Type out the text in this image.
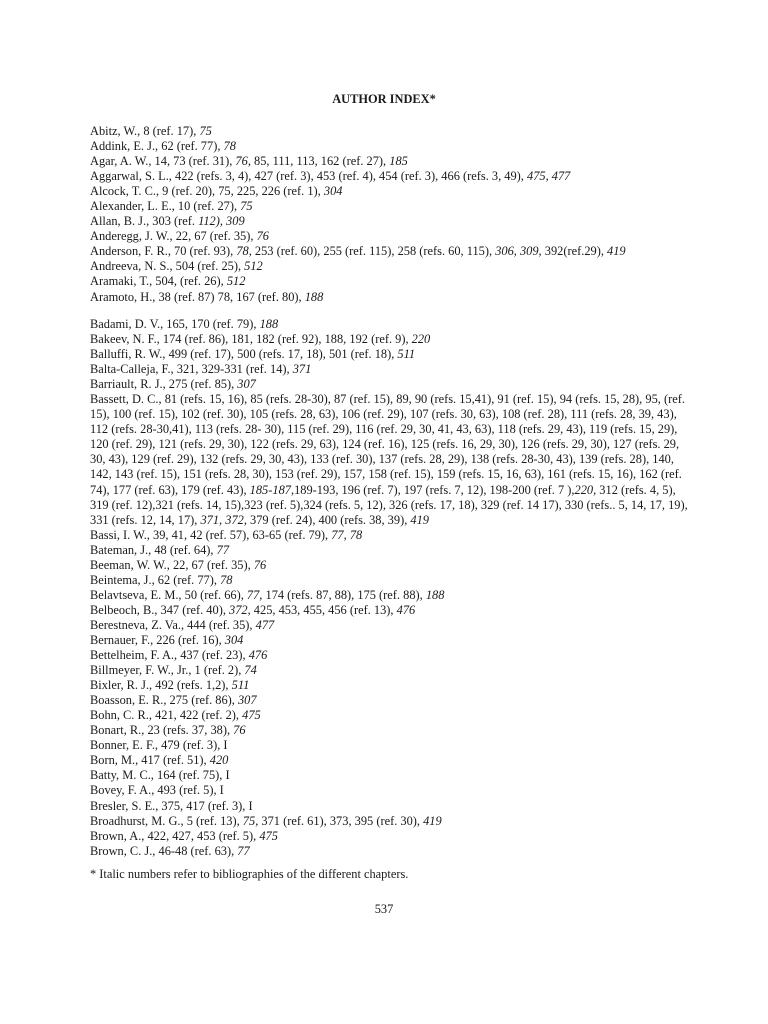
AUTHOR INDEX*
Abitz, W., 8 (ref. 17), 75
Addink, E. J., 62 (ref. 77), 78
Agar, A. W., 14, 73 (ref. 31), 76, 85, 111, 113, 162 (ref. 27), 185
Aggarwal, S. L., 422 (refs. 3, 4), 427 (ref. 3), 453 (ref. 4), 454 (ref. 3), 466 (refs. 3, 49), 475, 477
Alcock, T. C., 9 (ref. 20), 75, 225, 226 (ref. 1), 304
Alexander, L. E., 10 (ref. 27), 75
Allan, B. J., 303 (ref. 112), 309
Anderegg, J. W., 22, 67 (ref. 35), 76
Anderson, F. R., 70 (ref. 93), 78, 253 (ref. 60), 255 (ref. 115), 258 (refs. 60, 115), 306, 309, 392(ref.29), 419
Andreeva, N. S., 504 (ref. 25), 512
Aramaki, T., 504, (ref. 26), 512
Aramoto, H., 38 (ref. 87) 78, 167 (ref. 80), 188
Badami, D. V., 165, 170 (ref. 79), 188
Bakeev, N. F., 174 (ref. 86), 181, 182 (ref. 92), 188, 192 (ref. 9), 220
Balluffi, R. W., 499 (ref. 17), 500 (refs. 17, 18), 501 (ref. 18), 511
Balta-Calleja, F., 321, 329-331 (ref. 14), 371
Barriault, R. J., 275 (ref. 85), 307
Bassett, D. C., 81 (refs. 15, 16), 85 (refs. 28-30), 87 (ref. 15), 89, 90 (refs. 15,41), 91 (ref. 15), 94 (refs. 15, 28), 95, (ref. 15), 100 (ref. 15), 102 (ref. 30), 105 (refs. 28, 63), 106 (ref. 29), 107 (refs. 30, 63), 108 (ref. 28), 111 (refs. 28, 39, 43), 112 (refs. 28-30,41), 113 (refs. 28- 30), 115 (ref. 29), 116 (ref. 29, 30, 41, 43, 63), 118 (refs. 29, 43), 119 (refs. 15, 29), 120 (ref. 29), 121 (refs. 29, 30), 122 (refs. 29, 63), 124 (ref. 16), 125 (refs. 16, 29, 30), 126 (refs. 29, 30), 127 (refs. 29, 30, 43), 129 (ref. 29), 132 (refs. 29, 30, 43), 133 (ref. 30), 137 (refs. 28, 29), 138 (refs. 28-30, 43), 139 (refs. 28), 140, 142, 143 (ref. 15), 151 (refs. 28, 30), 153 (ref. 29), 157, 158 (ref. 15), 159 (refs. 15, 16, 63), 161 (refs. 15, 16), 162 (ref. 74), 177 (ref. 63), 179 (ref. 43), 185-187,189-193, 196 (ref. 7), 197 (refs. 7, 12), 198-200 (ref. 7 ),220, 312 (refs. 4, 5), 319 (ref. 12),321 (refs. 14, 15),323 (ref. 5),324 (refs. 5, 12), 326 (refs. 17, 18), 329 (ref. 14 17), 330 (refs.. 5, 14, 17, 19), 331 (refs. 12, 14, 17), 371, 372, 379 (ref. 24), 400 (refs. 38, 39), 419
Bassi, I. W., 39, 41, 42 (ref. 57), 63-65 (ref. 79), 77, 78
Bateman, J., 48 (ref. 64), 77
Beeman, W. W., 22, 67 (ref. 35), 76
Beintema, J., 62 (ref. 77), 78
Belavtseva, E. M., 50 (ref. 66), 77, 174 (refs. 87, 88), 175 (ref. 88), 188
Belbeoch, B., 347 (ref. 40), 372, 425, 453, 455, 456 (ref. 13), 476
Berestneva, Z. Va., 444 (ref. 35), 477
Bernauer, F., 226 (ref. 16), 304
Bettelheim, F. A., 437 (ref. 23), 476
Billmeyer, F. W., Jr., 1 (ref. 2), 74
Bixler, R. J., 492 (refs. 1,2), 511
Boasson, E. R., 275 (ref. 86), 307
Bohn, C. R., 421, 422 (ref. 2), 475
Bonart, R., 23 (refs. 37, 38), 76
Bonner, E. F., 479 (ref. 3), I
Born, M., 417 (ref. 51), 420
Batty, M. C., 164 (ref. 75), I
Bovey, F. A., 493 (ref. 5), I
Bresler, S. E., 375, 417 (ref. 3), I
Broadhurst, M. G., 5 (ref. 13), 75, 371 (ref. 61), 373, 395 (ref. 30), 419
Brown, A., 422, 427, 453 (ref. 5), 475
Brown, C. J., 46-48 (ref. 63), 77
* Italic numbers refer to bibliographies of the different chapters.
537
